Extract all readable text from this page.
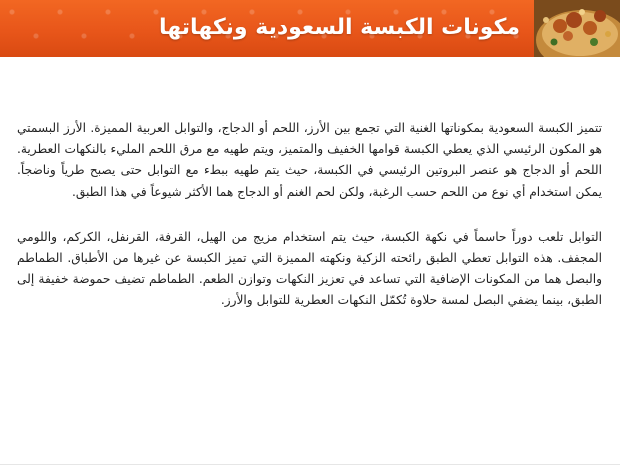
مكونات الكبسة السعودية ونكهاتها

تتميز الكبسة السعودية بمكوناتها الغنية التي تجمع بين الأرز، اللحم أو الدجاج، والتوابل العربية المميزة. الأرز البسمتي هو المكون الرئيسي الذي يعطي الكبسة قوامها الخفيف والمتميز، ويتم طهيه مع مرق اللحم المليء بالنكهات العطرية. اللحم أو الدجاج هو عنصر البروتين الرئيسي في الكبسة، حيث يتم طهيه ببطء مع التوابل حتى يصبح طرياً وناضجاً. يمكن استخدام أي نوع من اللحم حسب الرغبة، ولكن لحم الغنم أو الدجاج هما الأكثر شيوعاً في هذا الطبق.

التوابل تلعب دوراً حاسماً في نكهة الكبسة، حيث يتم استخدام مزيج من الهيل، القرفة، القرنفل، الكركم، واللومي المجفف. هذه التوابل تعطي الطبق رائحته الزكية ونكهته المميزة التي تميز الكبسة عن غيرها من الأطباق. الطماطم والبصل هما من المكونات الإضافية التي تساعد في تعزيز النكهات وتوازن الطعم. الطماطم تضيف حموضة خفيفة إلى الطبق، بينما يضفي البصل لمسة حلاوة تُكمّل النكهات العطرية للتوابل والأرز.
